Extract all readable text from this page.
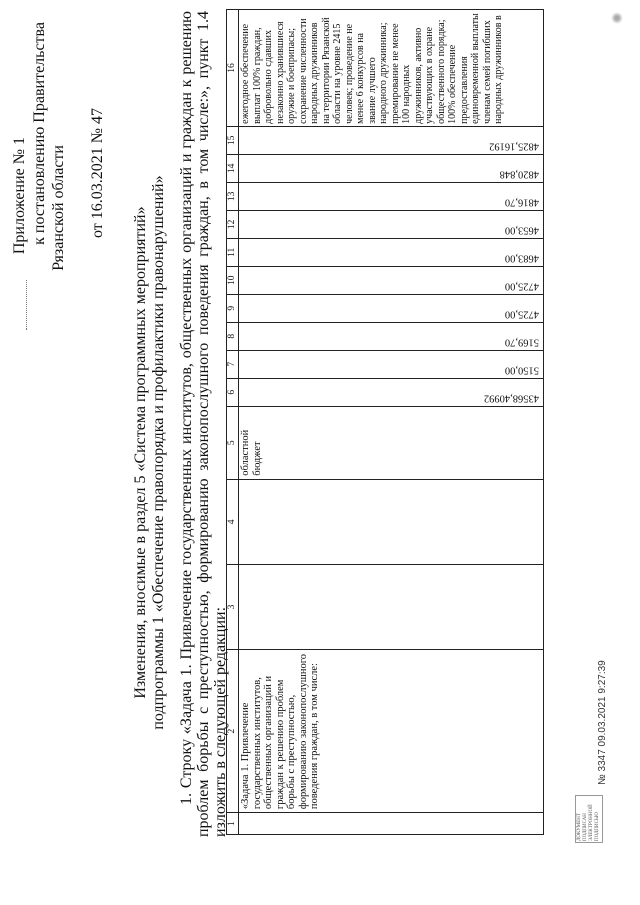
Приложение № 1 к постановлению Правительства Рязанской области от 16.03.2021 № 47
Изменения, вносимые в раздел 5 «Система программных мероприятий» подпрограммы 1 «Обеспечение правопорядка и профилактики правонарушений» 1. Строку «Задача 1. Привлечение государственных институтов, общественных организаций и граждан к решению проблем борьбы с преступностью, формированию законопослушного поведения граждан, в том числе:», пункт 1.4 изложить в следующей редакции:
1	2	3	4	5	6	7	8	9	10	11	12	13	14	15	16
	«Задача 1. Привлечение государственных институтов, общественных организаций и граждан к решению проблем борьбы с преступностью, формированию законопослушного поведения граждан, в том числе:			областной бюджет	43568,40992	5150,00	5169,70	4725,00	4725,00	4683,00	4653,00	4816,70	4820,848	4825,16192	ежегодное обеспечение выплат 100% граждан, добровольно сдавших незаконно хранившиеся оружие и боеприпасы; сохранение численности народных дружинников на территории Рязанской области на уровне 2415 человек; проведение не менее 6 конкурсов на звание лучшего народного дружинника; премирование не менее 100 народных дружинников, активно участвующих в охране общественного порядка; 100% обеспечение предоставления единовременной выплаты членам семей погибших народных дружинников в
ДОКУМЕНТ ПОДПИСАН ЭЛЕКТРОННОЙ ПОДПИСЬЮ
№ 3347 09.03.2021 9:27:39
